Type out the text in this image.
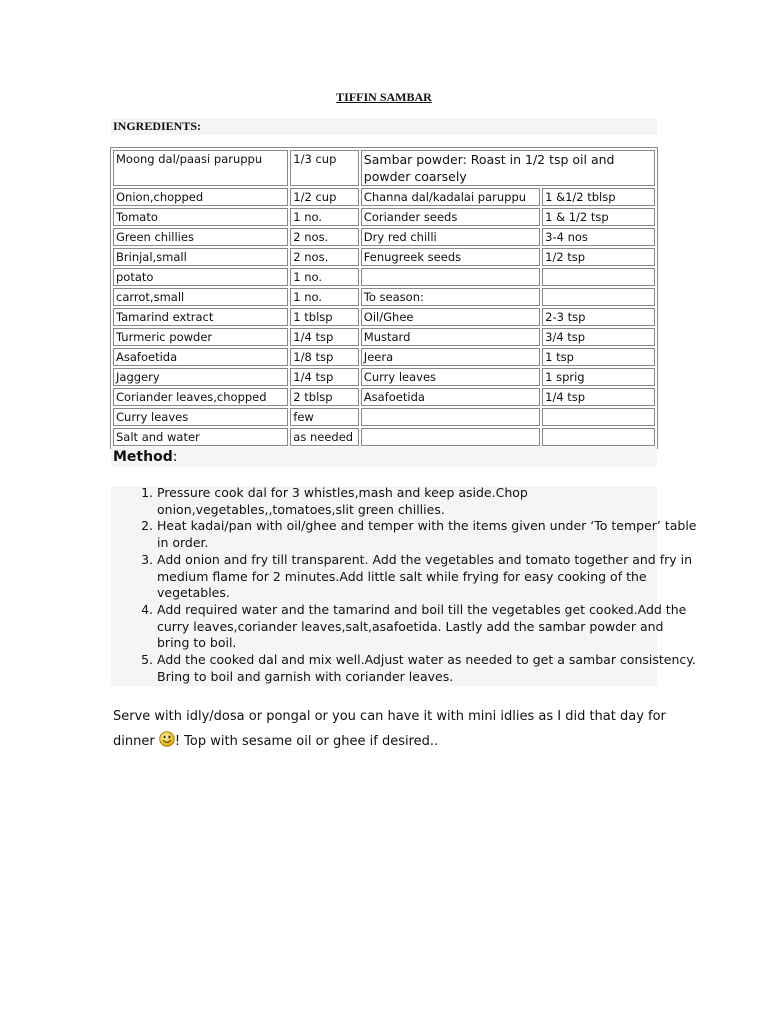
TIFFIN SAMBAR
INGREDIENTS:
Moong dal/paasi paruppu	1/3 cup	Sambar powder: Roast in 1/2 tsp oil and powder coarsely	
Onion,chopped	1/2 cup	Channa dal/kadalai paruppu	1 &1/2 tblsp
Tomato	1 no.	Coriander seeds	1 & 1/2 tsp
Green chillies	2 nos.	Dry red chilli	3-4 nos
Brinjal,small	2 nos.	Fenugreek seeds	1/2 tsp
potato	1 no.		
carrot,small	1 no.	To season:	
Tamarind extract	1 tblsp	Oil/Ghee	2-3 tsp
Turmeric powder	1/4 tsp	Mustard	3/4 tsp
Asafoetida	1/8 tsp	Jeera	1 tsp
Jaggery	1/4 tsp	Curry leaves	1 sprig
Coriander leaves,chopped	2 tblsp	Asafoetida	1/4 tsp
Curry leaves	few		
Salt and water	as needed		
Method:
1. Pressure cook dal for 3 whistles,mash and keep aside.Chop onion,vegetables,,tomatoes,slit green chillies.
2. Heat kadai/pan with oil/ghee and temper with the items given under ‘To temper’ table in order.
3. Add onion and fry till transparent. Add the vegetables and tomato together and fry in medium flame for 2 minutes.Add little salt while frying for easy cooking of the vegetables.
4. Add required water and the tamarind and boil till the vegetables get cooked.Add the curry leaves,coriander leaves,salt,asafoetida. Lastly add the sambar powder and bring to boil.
5. Add the cooked dal and mix well.Adjust water as needed to get a sambar consistency. Bring to boil and garnish with coriander leaves.
Serve with idly/dosa or pongal or you can have it with mini idlies as I did that day for dinner ! Top with sesame oil or ghee if desired..
